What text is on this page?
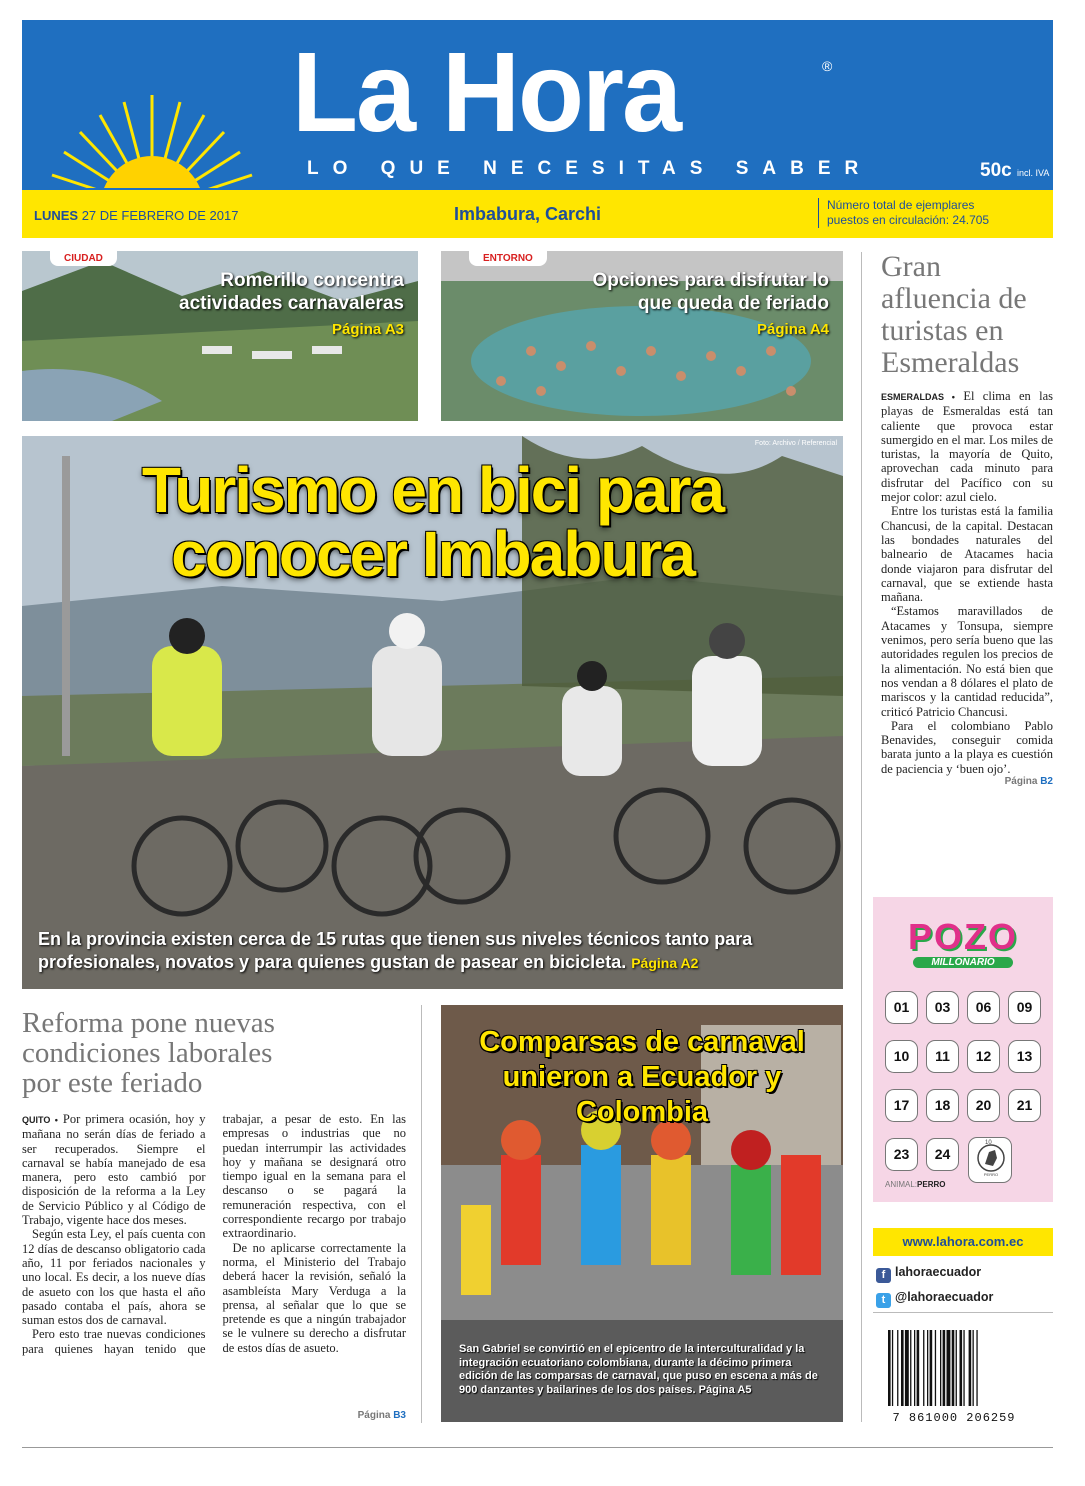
La Hora	®
LO QUE NECESITAS SABER	50c incl. IVA
LUNES 27 DE FEBRERO DE 2017	Imbabura, Carchi	Número total de ejemplares
puestos en circulación: 24.705
CIUDAD
Romerillo concentra
actividades carnavaleras
Página A3
ENTORNO
Opciones para disfrutar lo
que queda de feriado
Página A4
Foto: Archivo / Referencial
Turismo en bici para
conocer Imbabura
En la provincia existen cerca de 15 rutas que tienen sus niveles técnicos tanto para profesionales, novatos y para quienes gustan de pasear en bicicleta. Página A2
Gran
afluencia de
turistas en
Esmeraldas

ESMERALDAS • El clima en las playas de Esmeraldas está tan caliente que provoca estar sumergido en el mar. Los miles de turistas, la mayoría de Quito, aprovechan cada minuto para disfrutar del Pacífico con su mejor color: azul cielo.

Entre los turistas está la familia Chancusi, de la capital. Destacan las bondades naturales del balneario de Atacames hacia donde viajaron para disfrutar del carnaval, que se extiende hasta mañana.

“Estamos maravillados de Atacames y Tonsupa, siempre venimos, pero sería bueno que las autoridades regulen los precios de la alimentación. No está bien que nos vendan a 8 dólares el plato de mariscos y la cantidad reducida”, criticó Patricio Chancusi.

Para el colombiano Pablo Benavides, conseguir comida barata junto a la playa es cuestión de paciencia y ‘buen ojo’.

Página B2
Reforma pone nuevas
condiciones laborales
por este feriado

QUITO • Por primera ocasión, hoy y mañana no serán días de feriado a ser recuperados. Siempre el carnaval se había manejado de esa manera, pero esto cambió por disposición de la reforma a la Ley de Servicio Público y al Código de Trabajo, vigente hace dos meses.

Según esta Ley, el país cuenta con 12 días de descanso obligatorio cada año, 11 por feriados nacionales y uno local. Es decir, a los nueve días de asueto con los que hasta el año pasado contaba el país, ahora se suman estos dos de carnaval.

Pero esto trae nuevas condiciones para quienes hayan tenido que trabajar, a pesar de esto. En las empresas o industrias que no puedan interrumpir las actividades hoy y mañana se designará otro tiempo igual en la semana para el descanso o se pagará la remuneración respectiva, con el correspondiente recargo por trabajo extraordinario.

De no aplicarse correctamente la norma, el Ministerio del Trabajo deberá hacer la revisión, señaló la asambleísta Mary Verduga a la prensa, al señalar que lo que se pretende es que a ningún trabajador se le vulnere su derecho a disfrutar de estos días de asueto.

Página B3
Comparsas de carnaval
unieron a Ecuador y
Colombia
San Gabriel se convirtió en el epicentro de la interculturalidad y la integración ecuatoriano colombiana, durante la décimo primera edición de las comparsas de carnaval, que puso en escena a más de 900 danzantes y bailarines de los dos países. Página A5
POZO
MILLONARIO
01	03	06	09
10	11	12	13
17	18	20	21
23	24
PERRO
10
ANIMAL:PERRO
www.lahora.com.ec
f lahoraecuador
t @lahoraecuador
7 861000 206259
